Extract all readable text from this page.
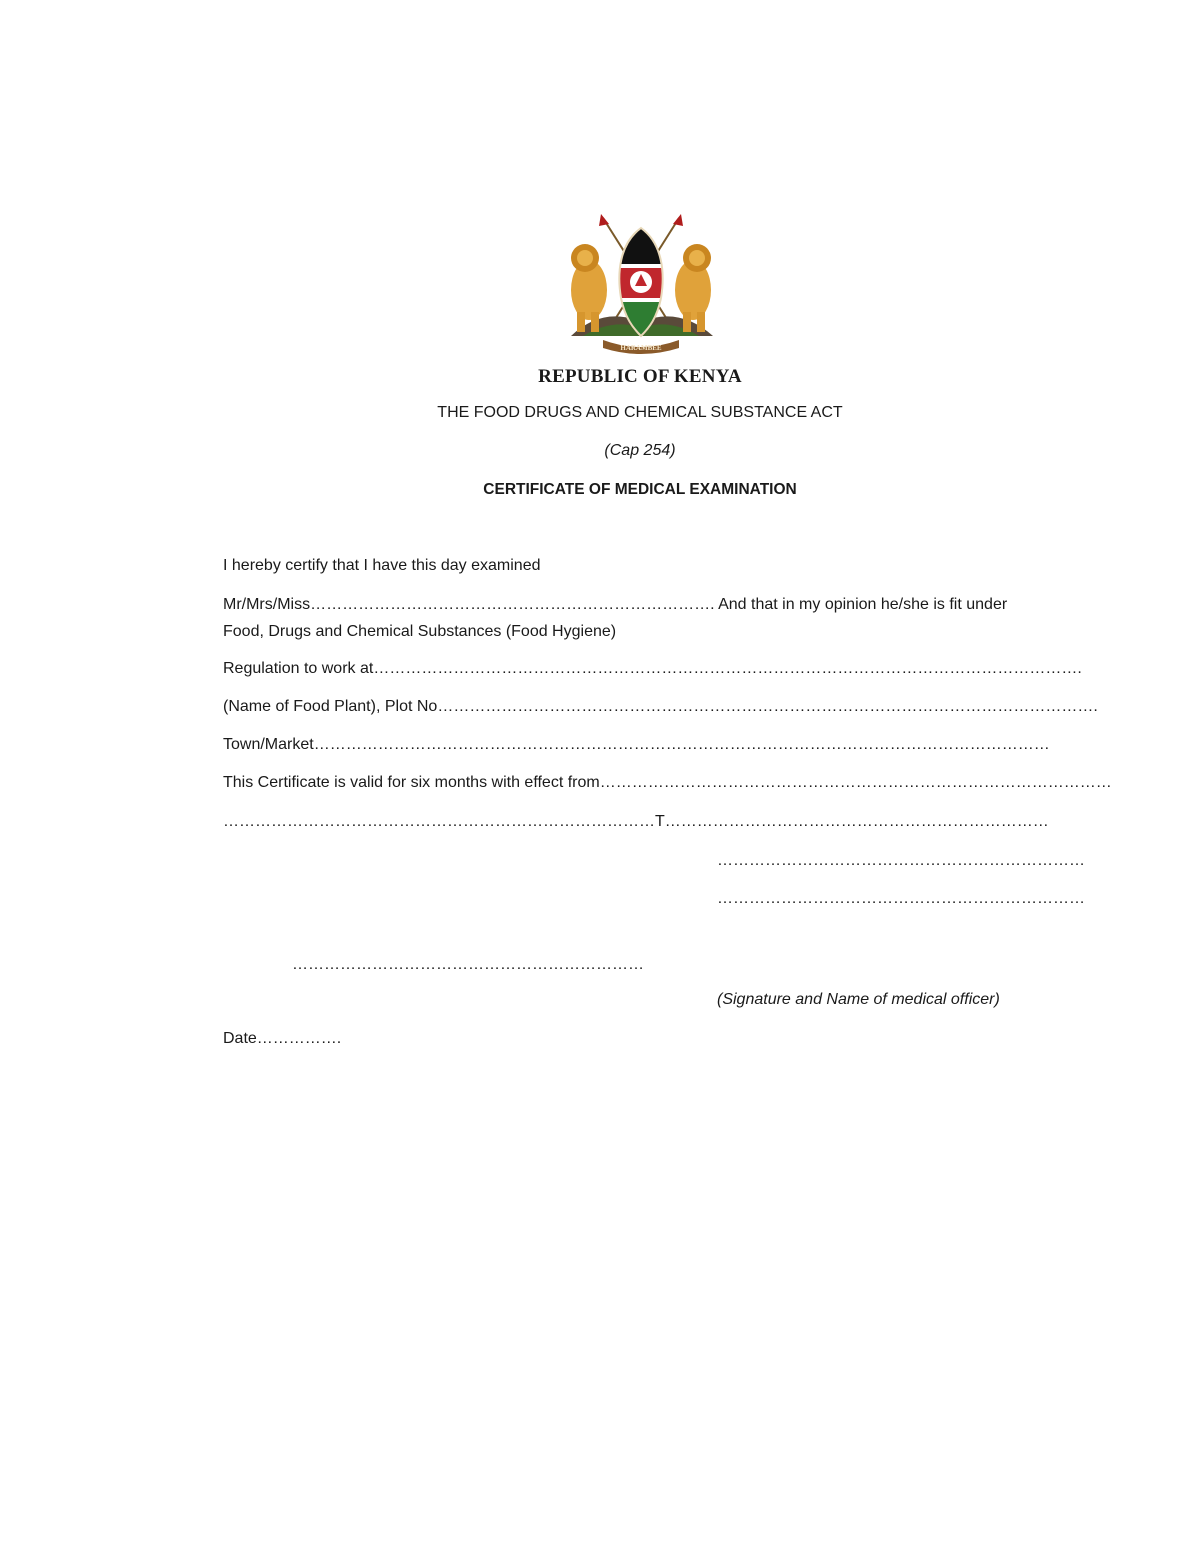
HARAMBEE
REPUBLIC OF KENYA
THE FOOD DRUGS AND CHEMICAL SUBSTANCE ACT
(Cap 254)
CERTIFICATE OF MEDICAL EXAMINATION
I hereby certify that I have this day examined
Mr/Mrs/Miss…………………………………………………………………. And that in my opinion he/she is fit under
Food, Drugs and Chemical Substances (Food Hygiene)
Regulation to work at…………………………………………………………………………………………………………………….
(Name of Food Plant), Plot No…………………………………………………………………………………………………………….
Town/Market…………………………………………………………………………………………………………………………
This Certificate is valid for six months with effect from……………………………………………………………………………………
………………………………………………………………………T………………………………………………………………
……………………………………………………………
……………………………………………………………
…………………………………………………………
(Signature and Name of medical officer)
Date…………….
